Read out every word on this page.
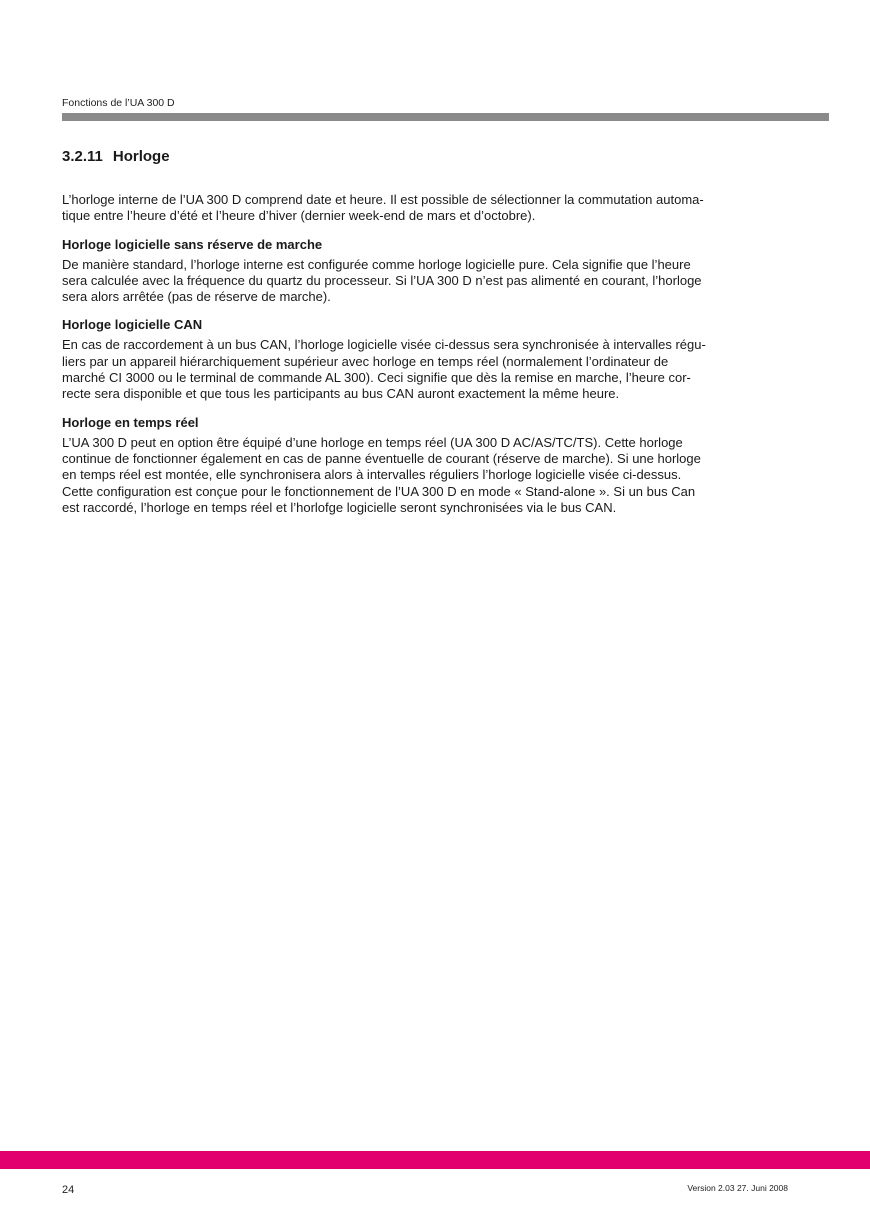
Fonctions de l’UA 300 D
3.2.11 Horloge

L’horloge interne de l’UA 300 D comprend date et heure. Il est possible de sélectionner la commutation automa-
tique entre l’heure d’été et l’heure d’hiver (dernier week-end de mars et d’octobre).

Horloge logicielle sans réserve de marche

De manière standard, l’horloge interne est configurée comme horloge logicielle pure. Cela signifie que l’heure
sera calculée avec la fréquence du quartz du processeur. Si l’UA 300 D n’est pas alimenté en courant, l’horloge
sera alors arrêtée (pas de réserve de marche).

Horloge logicielle CAN

En cas de raccordement à un bus CAN, l’horloge logicielle visée ci-dessus sera synchronisée à intervalles régu-
liers par un appareil hiérarchiquement supérieur avec horloge en temps réel (normalement l’ordinateur de
marché CI 3000 ou le terminal de commande AL 300). Ceci signifie que dès la remise en marche, l’heure cor-
recte sera disponible et que tous les participants au bus CAN auront exactement la même heure.

Horloge en temps réel

L’UA 300 D peut en option être équipé d’une horloge en temps réel (UA 300 D AC/AS/TC/TS). Cette horloge
continue de fonctionner également en cas de panne éventuelle de courant (réserve de marche). Si une horloge
en temps réel est montée, elle synchronisera alors à intervalles réguliers l’horloge logicielle visée ci-dessus.
Cette configuration est conçue pour le fonctionnement de l’UA 300 D en mode « Stand-alone ». Si un bus Can
est raccordé, l’horloge en temps réel et l’horlofge logicielle seront synchronisées via le bus CAN.

24	Version 2.03 27. Juni 2008
